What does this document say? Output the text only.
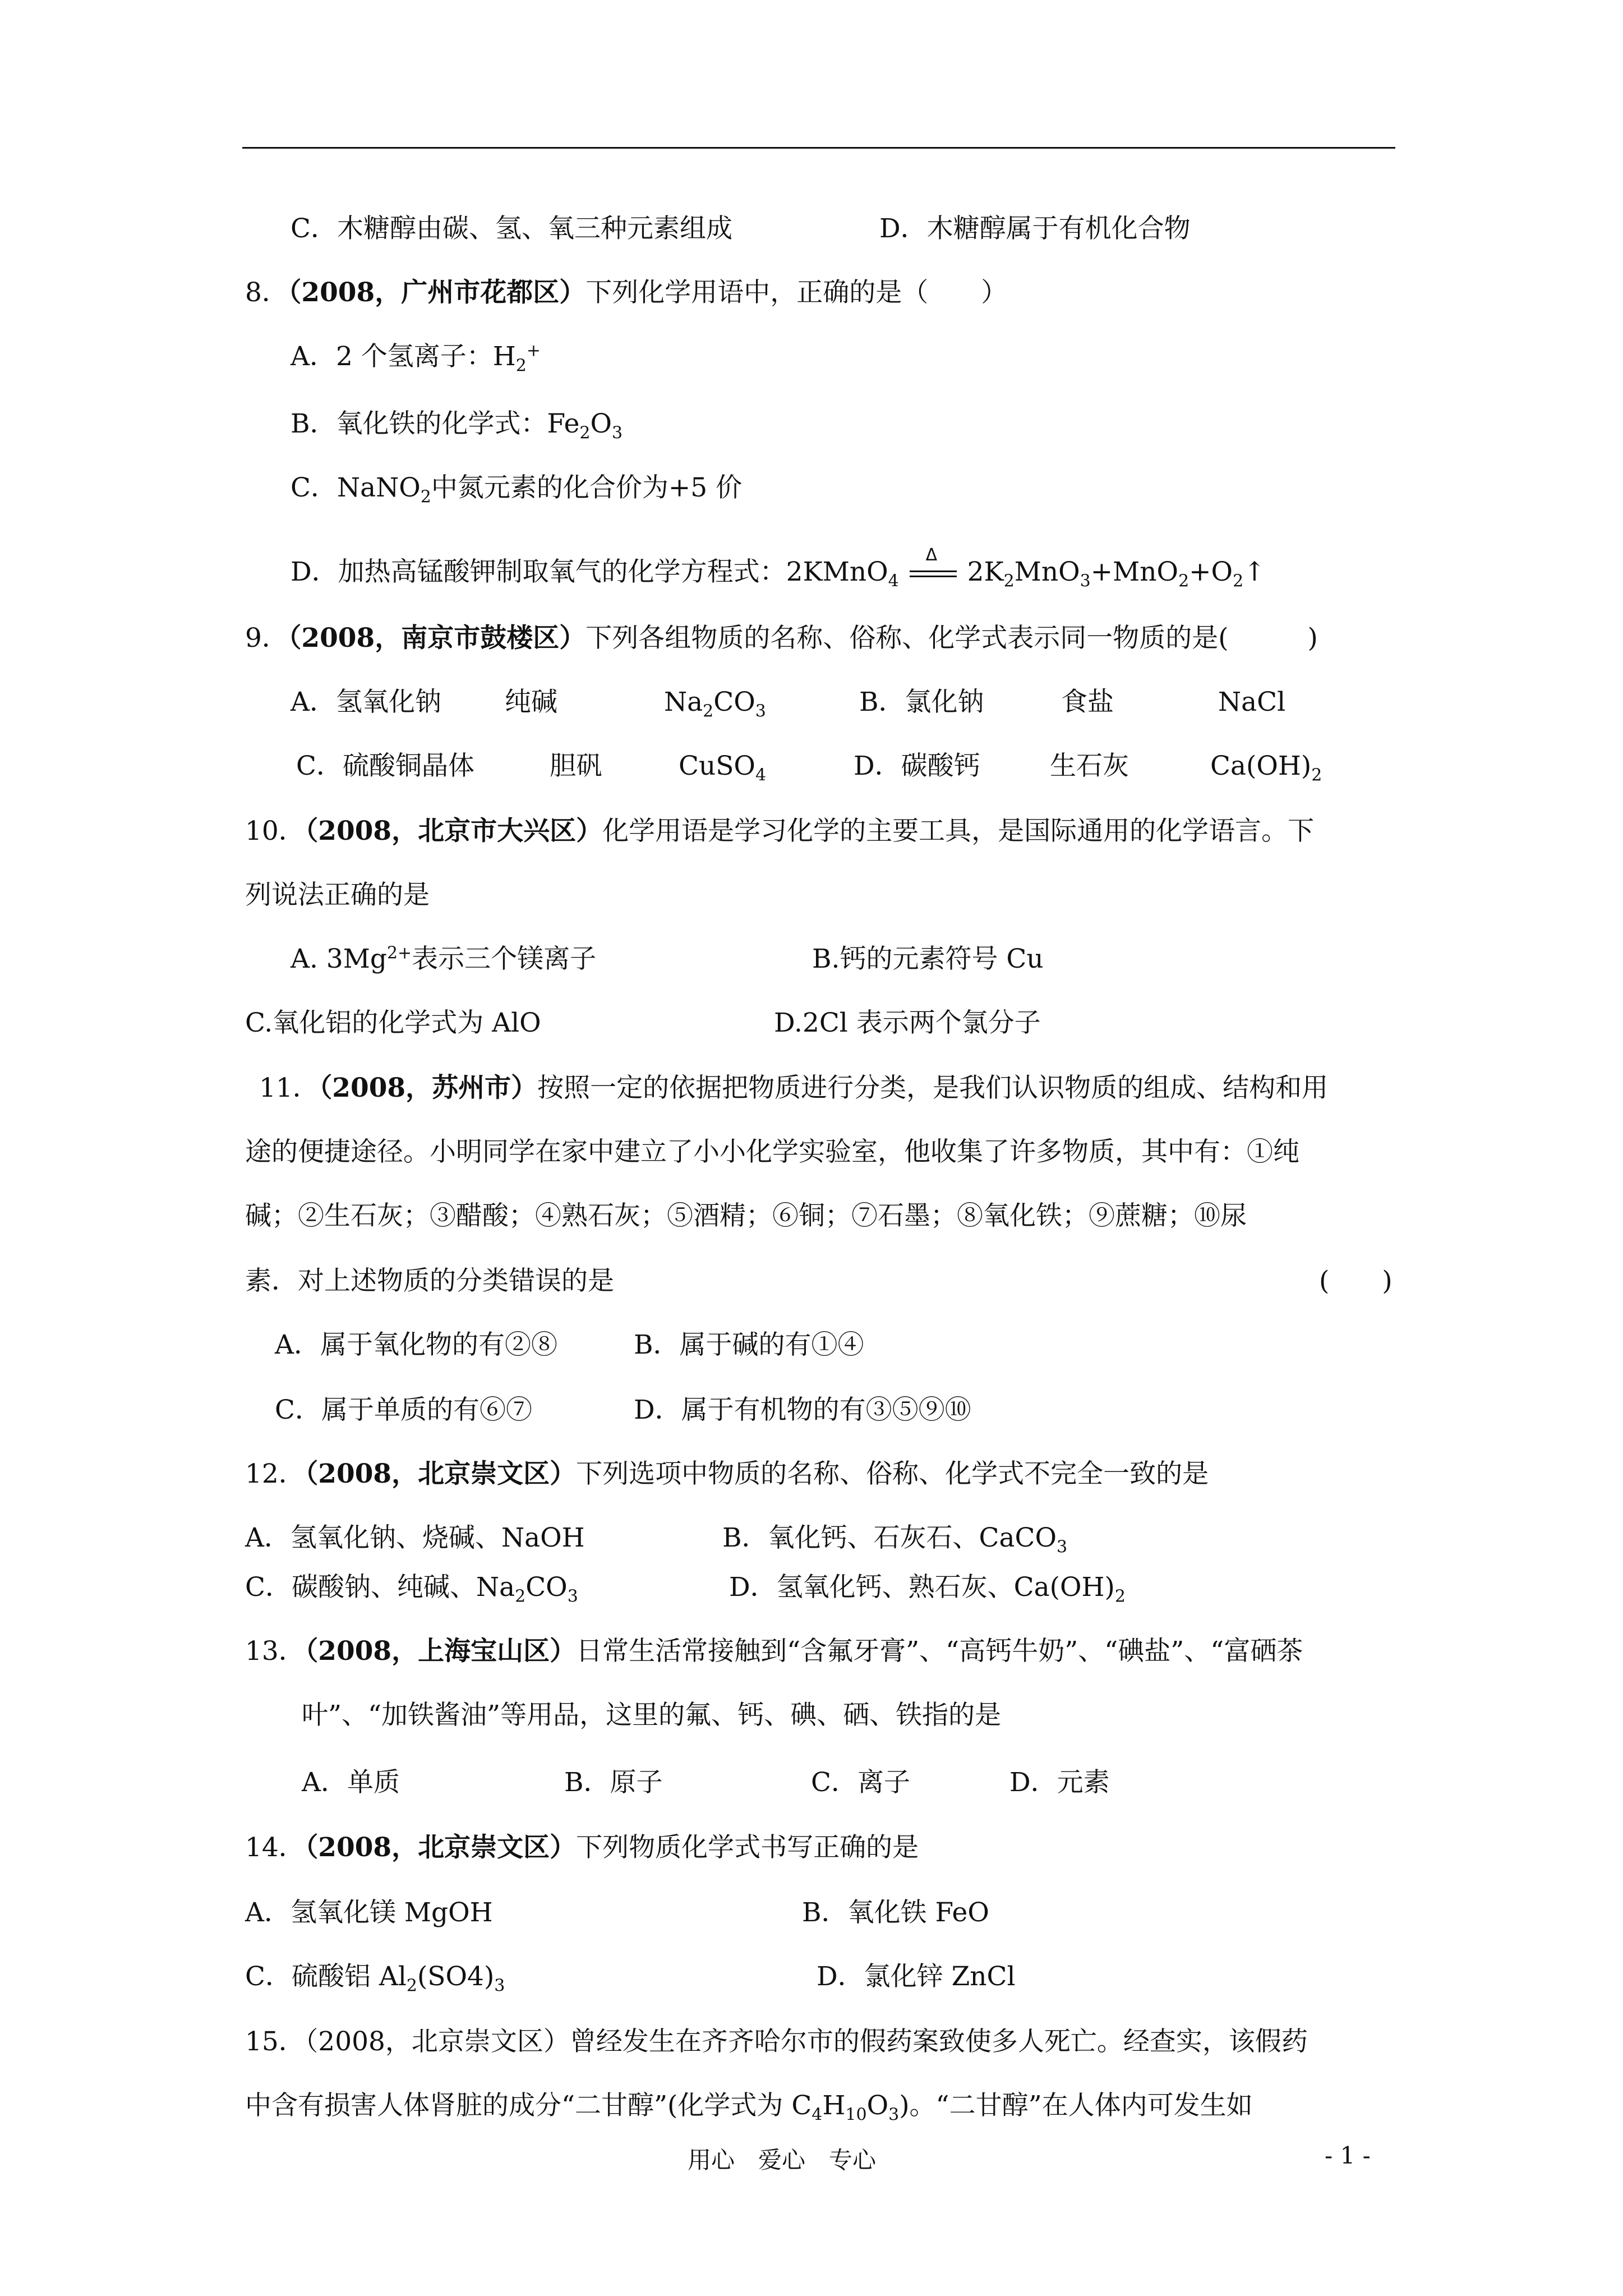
C．木糖醇由碳、氢、氧三种元素组成	D．木糖醇属于有机化合物
8．（2008，广州市花都区）下列化学用语中，正确的是（　　）
A．2 个氢离子：$H_2^+$
B．氧化铁的化学式：$Fe_2O_3$
C．NaNO$_2$中氮元素的化合价为+5 价
D．加热高锰酸钾制取氧气的化学方程式：2KMnO$_4$
Δ
$2K_2MnO_3+MnO_2+O_2↑$
9．（2008，南京市鼓楼区）下列各组物质的名称、俗称、化学式表示同一物质的是(　　　)
A．氢氧化钠 纯碱	$Na_2CO_3$	B．氯化钠	食盐	NaCl
C．硫酸铜晶体	胆矾	CuSO$_4$	D．碳酸钙	生石灰	$Ca(OH)_2$
10．（2008，北京市大兴区）化学用语是学习化学的主要工具，是国际通用的化学语言。下
列说法正确的是
A. $3Mg^{2+}$表示三个镁离子	B.钙的元素符号 Cu
C.氧化铝的化学式为 AlO	D.2Cl 表示两个氯分子
11．（2008，苏州市）按照一定的依据把物质进行分类，是我们认识物质的组成、结构和用
途的便捷途径。小明同学在家中建立了小小化学实验室，他收集了许多物质，其中有：①纯
碱；②生石灰；③醋酸；④熟石灰；⑤酒精；⑥铜；⑦石墨；⑧氧化铁；⑨蔗糖；⑩尿
素．对上述物质的分类错误的是	(　　)
A．属于氧化物的有②⑧	B．属于碱的有①④
C．属于单质的有⑥⑦	D．属于有机物的有③⑤⑨⑩
12．（2008，北京崇文区）下列选项中物质的名称、俗称、化学式不完全一致的是
A．氢氧化钠、烧碱、NaOH	B．氧化钙、石灰石、CaCO$_3$
C．碳酸钠、纯碱、$Na_2CO_3$	D．氢氧化钙、熟石灰、$Ca(OH)_2$
13．（2008，上海宝山区）日常生活常接触到“含氟牙膏”、“高钙牛奶”、“碘盐”、“富硒茶
叶”、“加铁酱油”等用品，这里的氟、钙、碘、硒、铁指的是
A．单质	B．原子	C．离子	D．元素
14．（2008，北京崇文区）下列物质化学式书写正确的是
A．氢氧化镁 MgOH	B．氧化铁 FeO
C．硫酸铝 $Al_2(SO4)_3$	D．氯化锌 ZnCl
15．（2008，北京崇文区）曾经发生在齐齐哈尔市的假药案致使多人死亡。经查实，该假药
中含有损害人体肾脏的成分“二甘醇”(化学式为 $C_4H_{10}O_3$)。“二甘醇”在人体内可发生如
用心　爱心　专心	- 1 -
